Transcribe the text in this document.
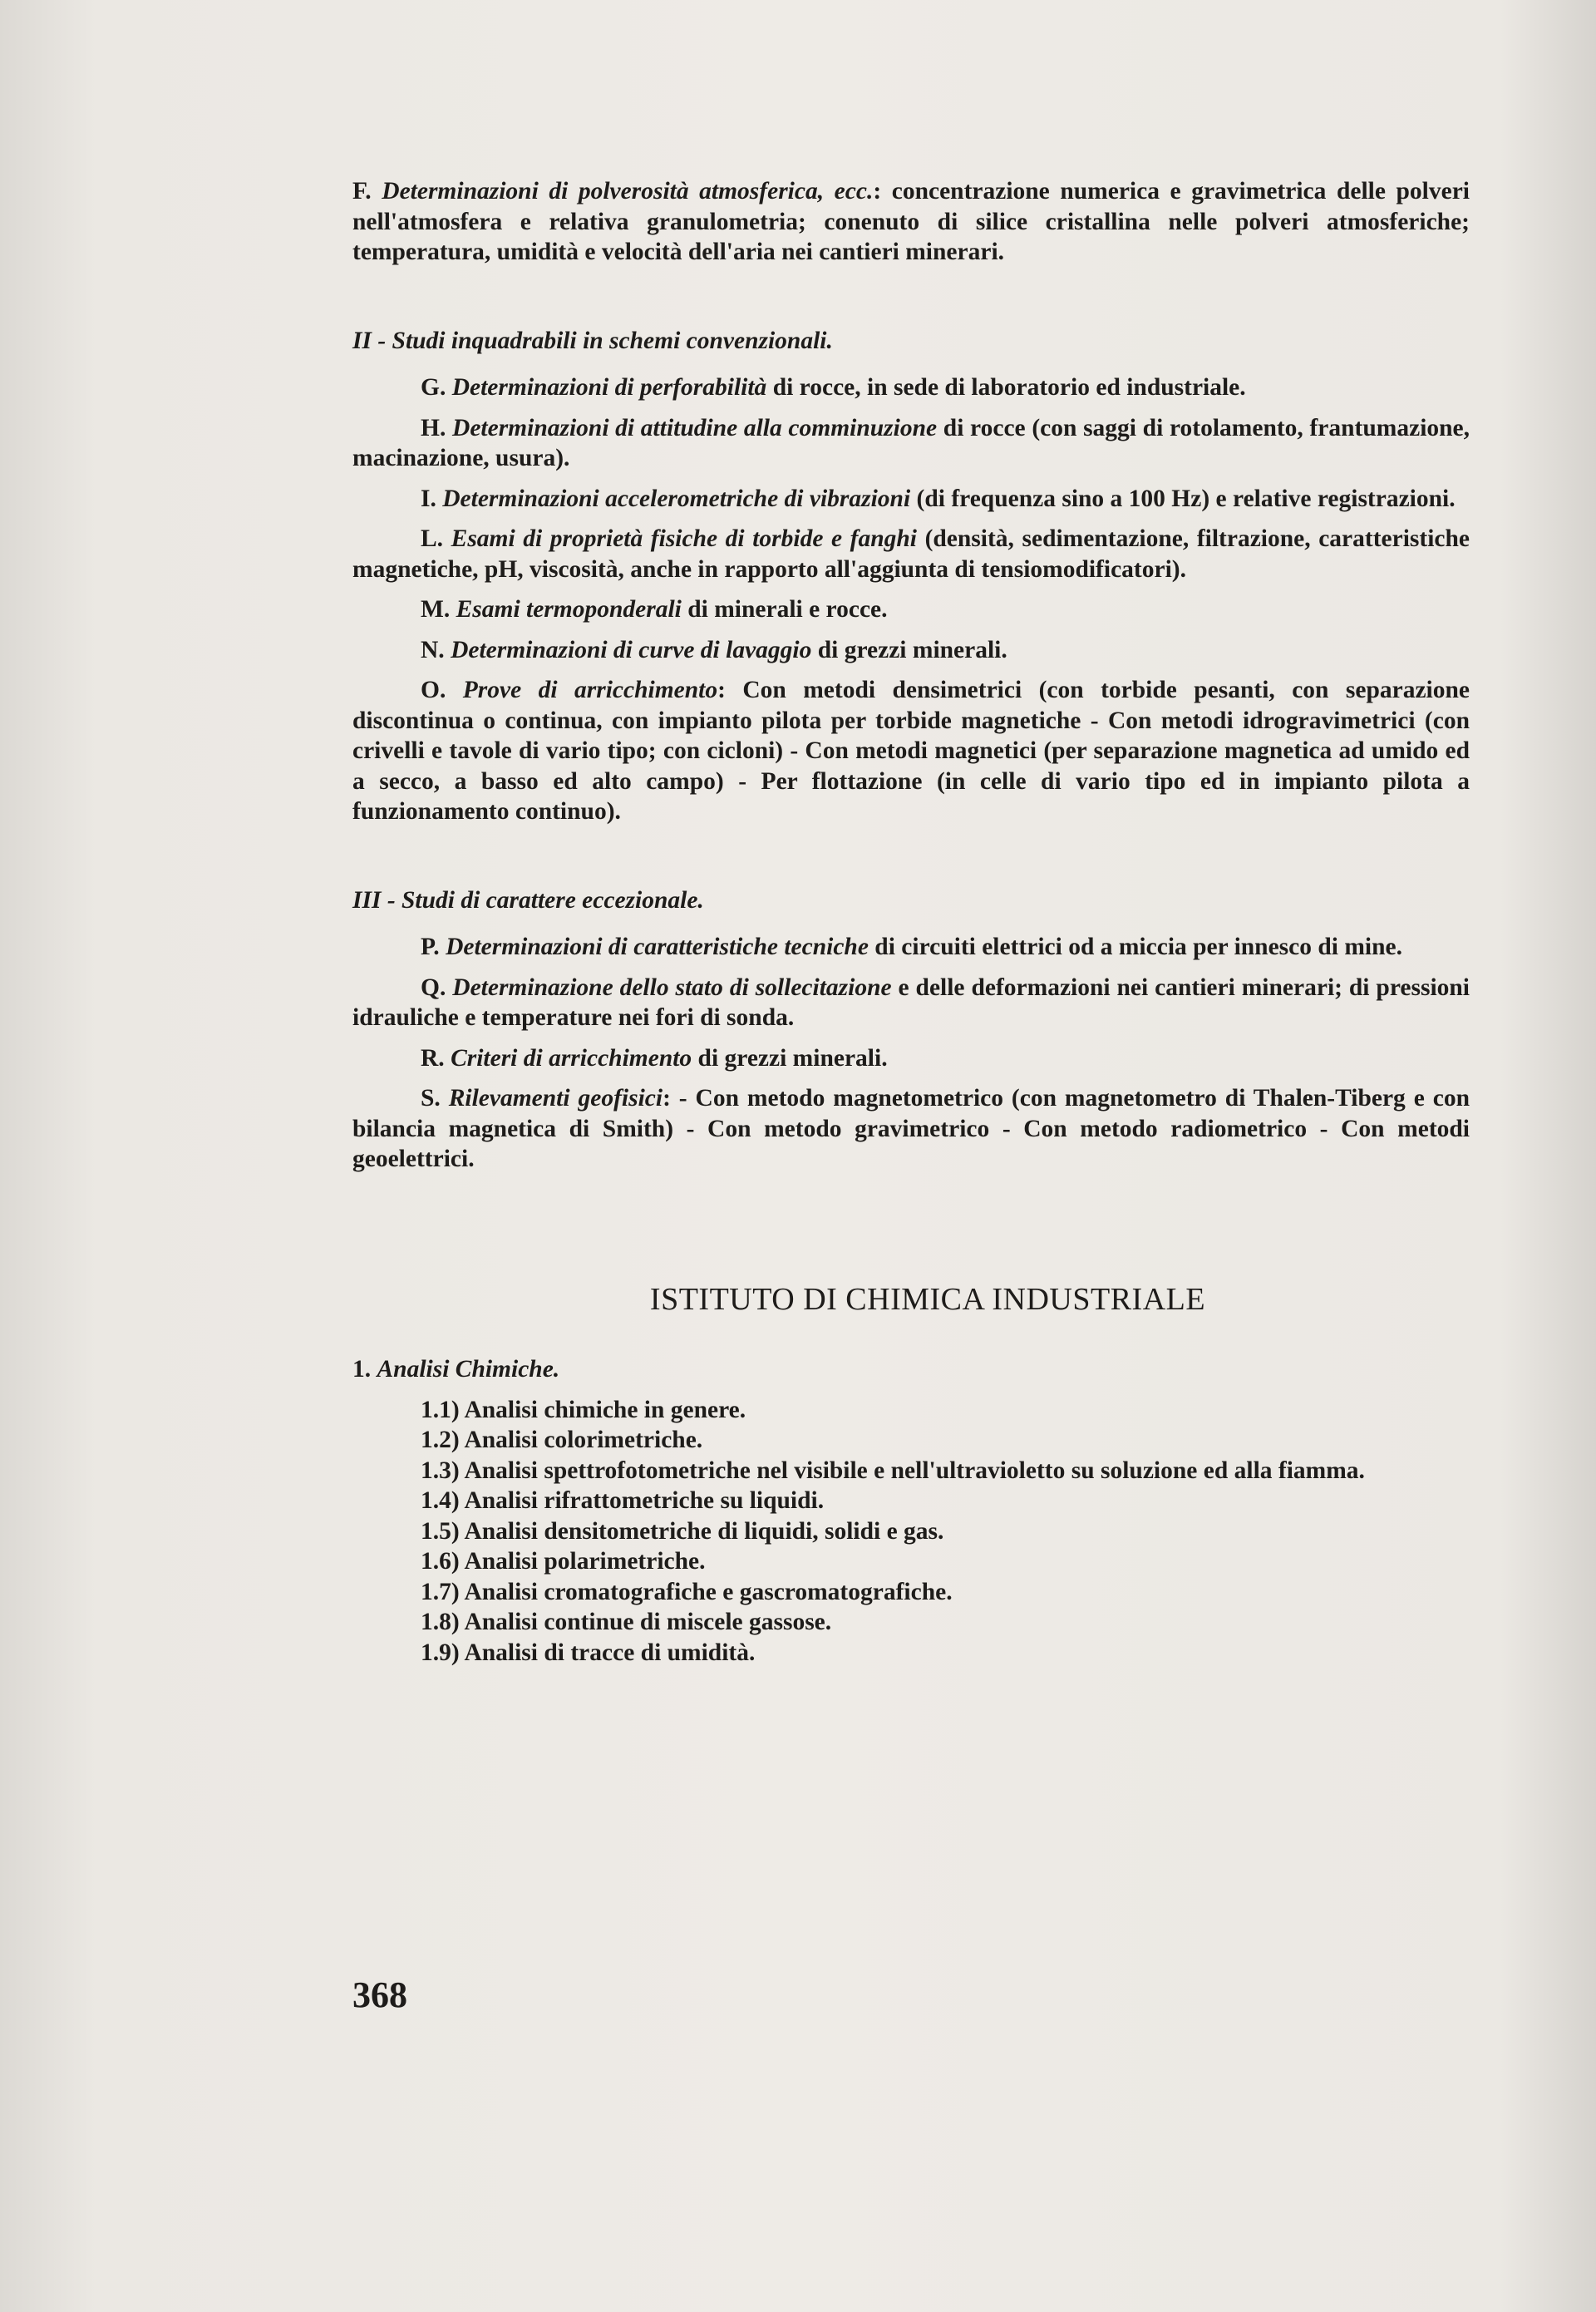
F. Determinazioni di polverosità atmosferica, ecc.: concentrazione numerica e gravimetrica delle polveri nell'atmosfera e relativa granulometria; conenuto di silice cristallina nelle polveri atmosferiche; temperatura, umidità e velocità dell'aria nei cantieri minerari.

II - Studi inquadrabili in schemi convenzionali.

G. Determinazioni di perforabilità di rocce, in sede di laboratorio ed industriale.

H. Determinazioni di attitudine alla comminuzione di rocce (con saggi di rotolamento, frantumazione, macinazione, usura).

I. Determinazioni accelerometriche di vibrazioni (di frequenza sino a 100 Hz) e relative registrazioni.

L. Esami di proprietà fisiche di torbide e fanghi (densità, sedimentazione, filtrazione, caratteristiche magnetiche, pH, viscosità, anche in rapporto all'aggiunta di tensiomodificatori).

M. Esami termoponderali di minerali e rocce.

N. Determinazioni di curve di lavaggio di grezzi minerali.

O. Prove di arricchimento: Con metodi densimetrici (con torbide pesanti, con separazione discontinua o continua, con impianto pilota per torbide magnetiche - Con metodi idrogravimetrici (con crivelli e tavole di vario tipo; con cicloni) - Con metodi magnetici (per separazione magnetica ad umido ed a secco, a basso ed alto campo) - Per flottazione (in celle di vario tipo ed in impianto pilota a funzionamento continuo).

III - Studi di carattere eccezionale.

P. Determinazioni di caratteristiche tecniche di circuiti elettrici od a miccia per innesco di mine.

Q. Determinazione dello stato di sollecitazione e delle deformazioni nei cantieri minerari; di pressioni idrauliche e temperature nei fori di sonda.

R. Criteri di arricchimento di grezzi minerali.

S. Rilevamenti geofisici: - Con metodo magnetometrico (con magnetometro di Thalen-Tiberg e con bilancia magnetica di Smith) - Con metodo gravimetrico - Con metodo radiometrico - Con metodi geoelettrici.

ISTITUTO DI CHIMICA INDUSTRIALE

1. Analisi Chimiche.

1.1) Analisi chimiche in genere.

1.2) Analisi colorimetriche.

1.3) Analisi spettrofotometriche nel visibile e nell'ultravioletto su soluzione ed alla fiamma.

1.4) Analisi rifrattometriche su liquidi.

1.5) Analisi densitometriche di liquidi, solidi e gas.

1.6) Analisi polarimetriche.

1.7) Analisi cromatografiche e gascromatografiche.

1.8) Analisi continue di miscele gassose.

1.9) Analisi di tracce di umidità.

368
